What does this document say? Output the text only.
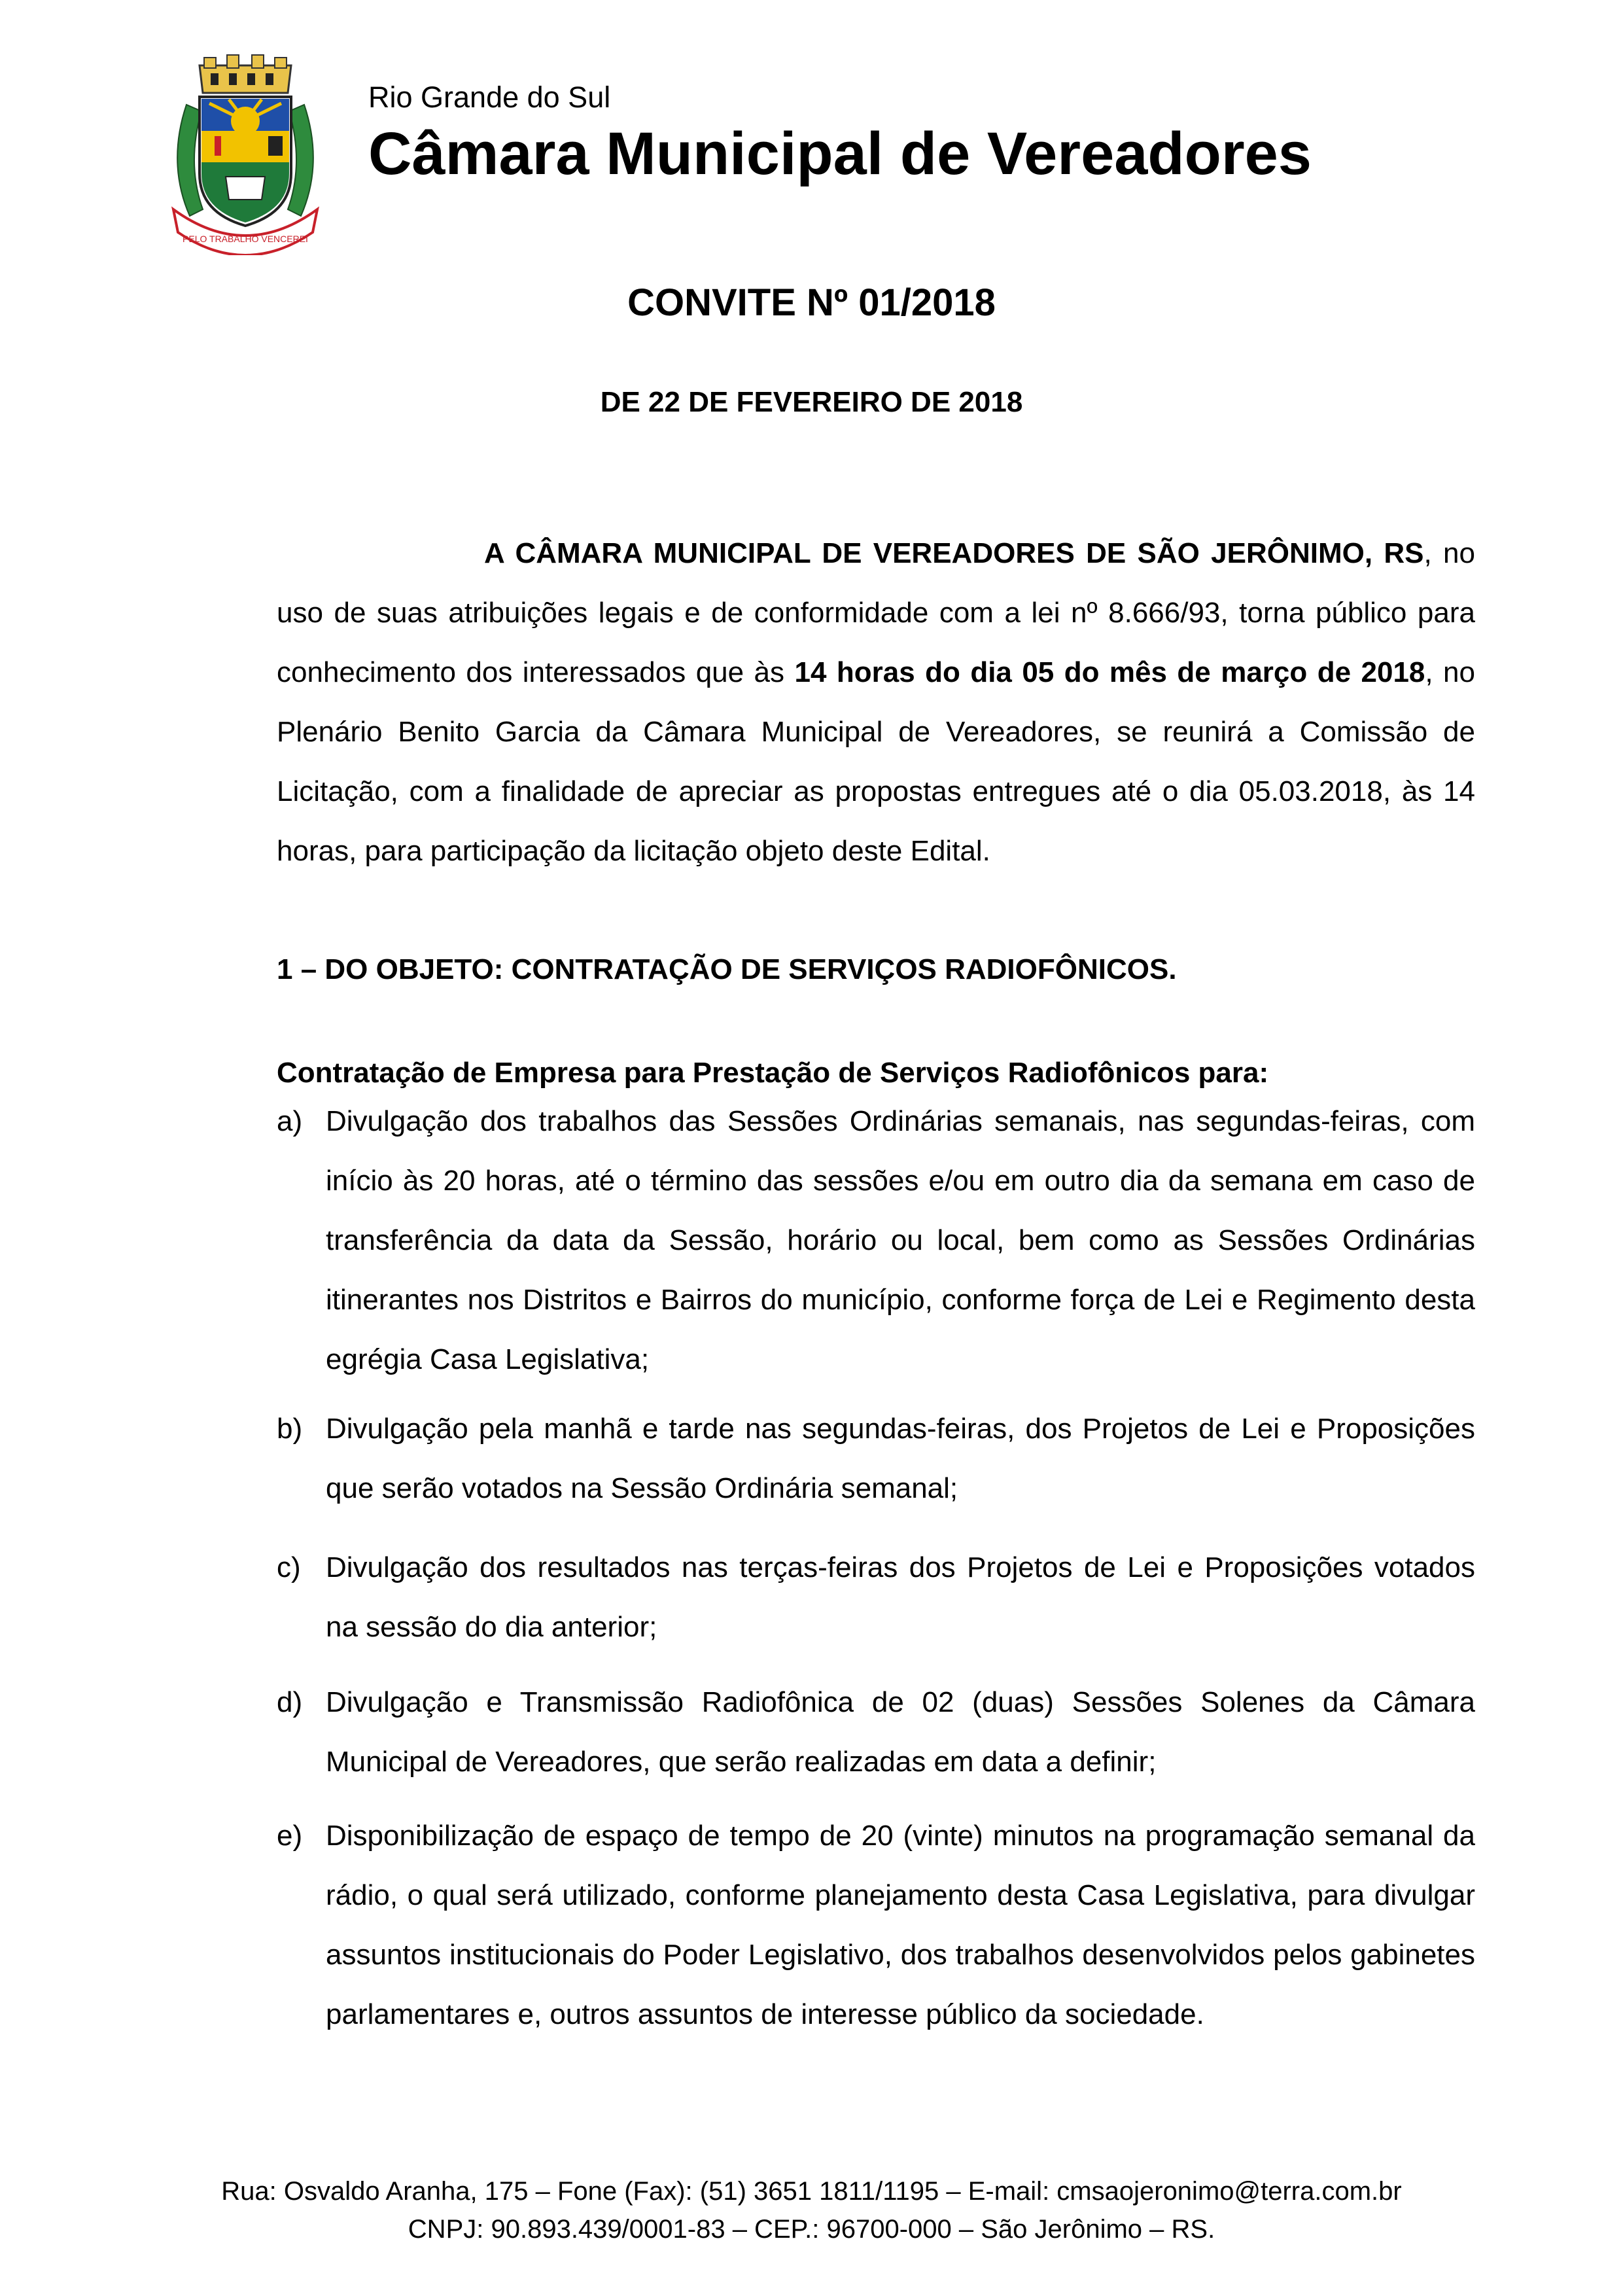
PELO TRABALHO VENCEREI
Rio Grande do Sul
Câmara Municipal de Vereadores
CONVITE Nº 01/2018
DE 22 DE FEVEREIRO DE 2018

A CÂMARA MUNICIPAL DE VEREADORES DE SÃO JERÔNIMO, RS, no uso de suas atribuições legais e de conformidade com a lei nº 8.666/93, torna público para conhecimento dos interessados que às 14 horas do dia 05 do mês de março de 2018, no Plenário Benito Garcia da Câmara Municipal de Vereadores, se reunirá a Comissão de Licitação, com a finalidade de apreciar as propostas entregues até o dia 05.03.2018, às 14 horas, para participação da licitação objeto deste Edital.

1 – DO OBJETO: CONTRATAÇÃO DE SERVIÇOS RADIOFÔNICOS.
Contratação de Empresa para Prestação de Serviços Radiofônicos para:
a) Divulgação dos trabalhos das Sessões Ordinárias semanais, nas segundas-feiras, com início às 20 horas, até o término das sessões e/ou em outro dia da semana em caso de transferência da data da Sessão, horário ou local, bem como as Sessões Ordinárias itinerantes nos Distritos e Bairros do município, conforme força de Lei e Regimento desta egrégia Casa Legislativa;
b) Divulgação pela manhã e tarde nas segundas-feiras, dos Projetos de Lei e Proposições que serão votados na Sessão Ordinária semanal;
c) Divulgação dos resultados nas terças-feiras dos Projetos de Lei e Proposições votados na sessão do dia anterior;
d) Divulgação e Transmissão Radiofônica de 02 (duas) Sessões Solenes da Câmara Municipal de Vereadores, que serão realizadas em data a definir;
e) Disponibilização de espaço de tempo de 20 (vinte) minutos na programação semanal da rádio, o qual será utilizado, conforme planejamento desta Casa Legislativa, para divulgar assuntos institucionais do Poder Legislativo, dos trabalhos desenvolvidos pelos gabinetes parlamentares e, outros assuntos de interesse público da sociedade.
Rua: Osvaldo Aranha, 175 – Fone (Fax): (51) 3651 1811/1195 – E-mail: cmsaojeronimo@terra.com.br
CNPJ: 90.893.439/0001-83 – CEP.: 96700-000 – São Jerônimo – RS.
